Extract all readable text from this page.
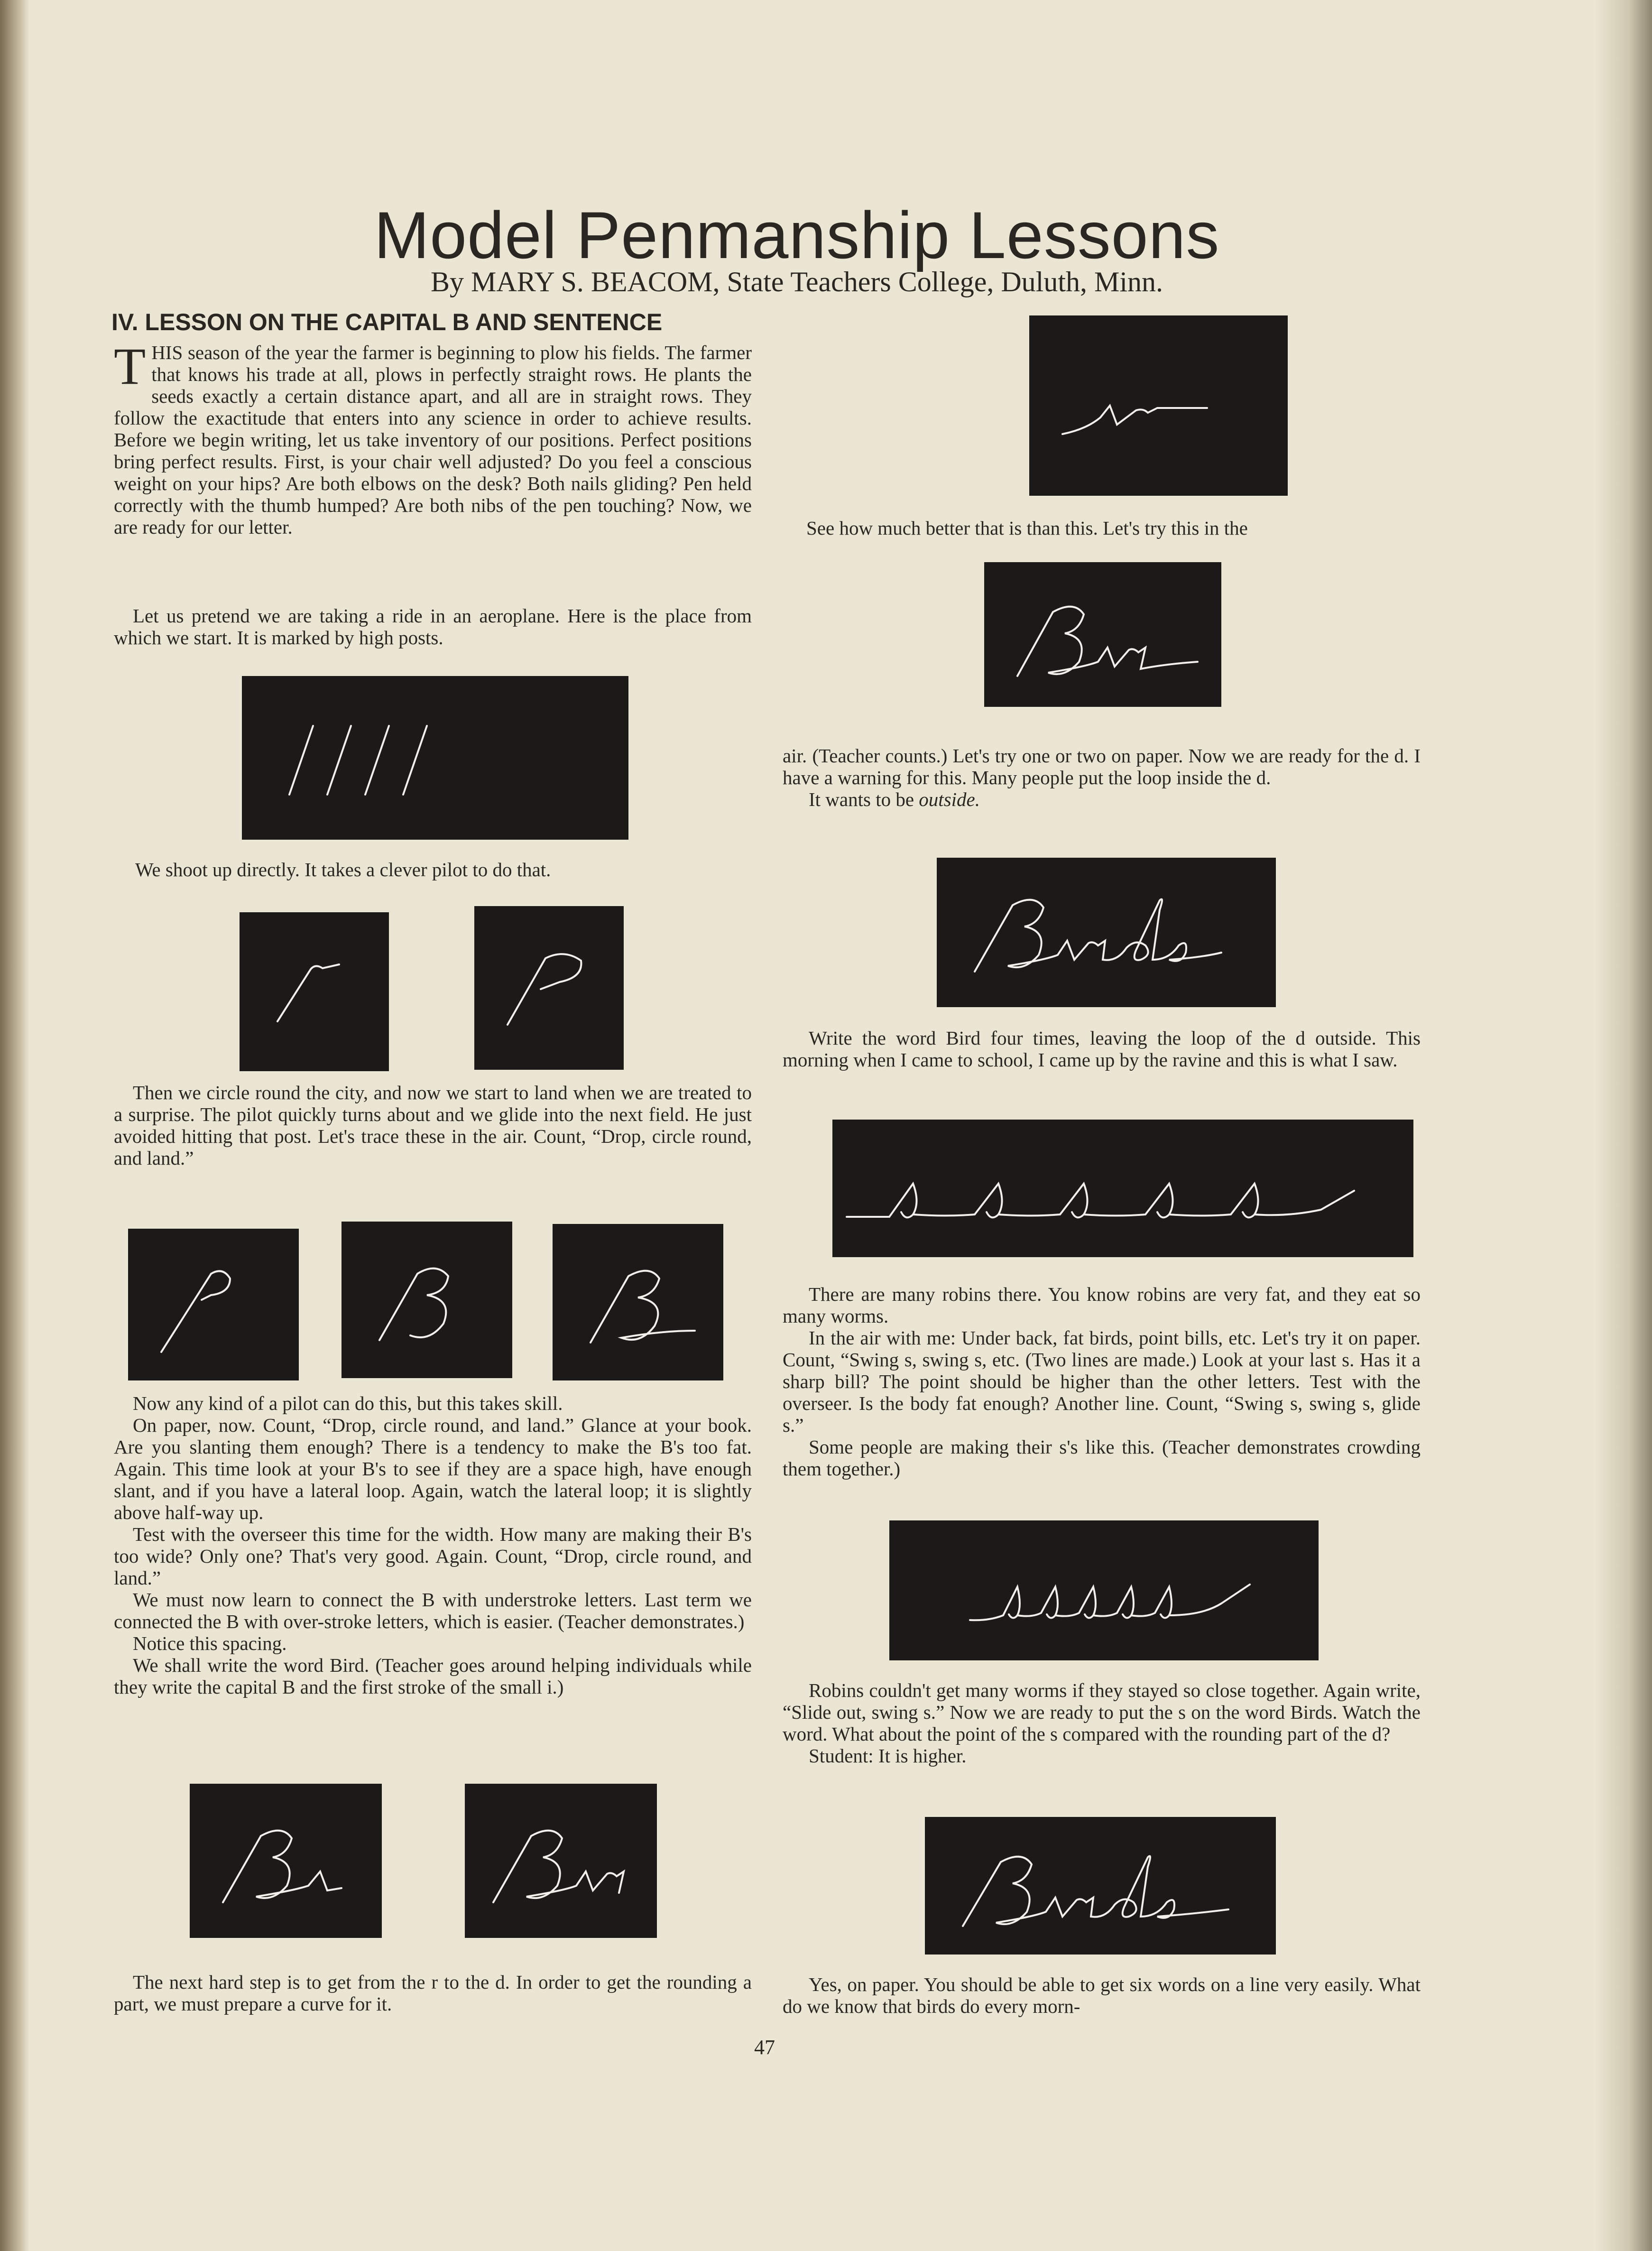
Model Penmanship Lessons
By MARY S. BEACOM, State Teachers College, Duluth, Minn.
IV. LESSON ON THE CAPITAL B AND SENTENCE
T HIS season of the year the farmer is beginning to plow his fields. The farmer that knows his trade at all, plows in perfectly straight rows. He plants the seeds exactly a certain distance apart, and all are in straight rows. They follow the exactitude that enters into any science in order to achieve results. Before we begin writing, let us take inventory of our positions. Perfect positions bring perfect results. First, is your chair well adjusted? Do you feel a conscious weight on your hips? Are both elbows on the desk? Both nails gliding? Pen held correctly with the thumb humped? Are both nibs of the pen touching? Now, we are ready for our letter.
Let us pretend we are taking a ride in an aeroplane. Here is the place from which we start. It is marked by high posts.
We shoot up directly. It takes a clever pilot to do that.
Then we circle round the city, and now we start to land when we are treated to a surprise. The pilot quickly turns about and we glide into the next field. He just avoided hitting that post. Let's trace these in the air. Count, “Drop, circle round, and land.”
Now any kind of a pilot can do this, but this takes skill.
On paper, now. Count, “Drop, circle round, and land.” Glance at your book. Are you slanting them enough? There is a tendency to make the B's too fat. Again. This time look at your B's to see if they are a space high, have enough slant, and if you have a lateral loop. Again, watch the lateral loop; it is slightly above half-way up.
Test with the overseer this time for the width. How many are making their B's too wide? Only one? That's very good. Again. Count, “Drop, circle round, and land.”
We must now learn to connect the B with understroke letters. Last term we connected the B with over-stroke letters, which is easier. (Teacher demonstrates.)
Notice this spacing.
We shall write the word Bird. (Teacher goes around helping individuals while they write the capital B and the first stroke of the small i.)
The next hard step is to get from the r to the d. In order to get the rounding a part, we must prepare a curve for it.
See how much better that is than this. Let's try this in the
air. (Teacher counts.) Let's try one or two on paper. Now we are ready for the d. I have a warning for this. Many people put the loop inside the d.
It wants to be outside.
Write the word Bird four times, leaving the loop of the d outside. This morning when I came to school, I came up by the ravine and this is what I saw.
There are many robins there. You know robins are very fat, and they eat so many worms.
In the air with me: Under back, fat birds, point bills, etc. Let's try it on paper. Count, “Swing s, swing s, etc. (Two lines are made.) Look at your last s. Has it a sharp bill? The point should be higher than the other letters. Test with the overseer. Is the body fat enough? Another line. Count, “Swing s, swing s, glide s.”
Some people are making their s's like this. (Teacher demonstrates crowding them together.)
Robins couldn't get many worms if they stayed so close together. Again write, “Slide out, swing s.” Now we are ready to put the s on the word Birds. Watch the word. What about the point of the s compared with the rounding part of the d?
Student: It is higher.
Yes, on paper. You should be able to get six words on a line very easily. What do we know that birds do every morn-
47
